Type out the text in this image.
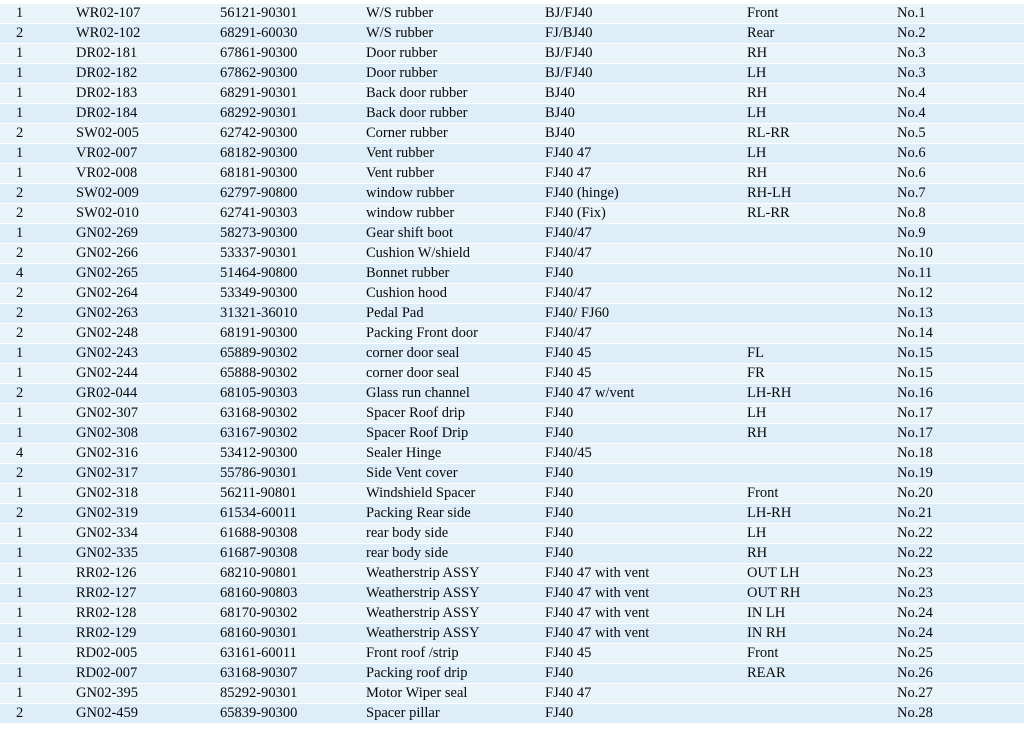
1	WR02-107	56121-90301	W/S rubber	BJ/FJ40	Front	No.1
2	WR02-102	68291-60030	W/S rubber	FJ/BJ40	Rear	No.2
1	DR02-181	67861-90300	Door rubber	BJ/FJ40	RH	No.3
1	DR02-182	67862-90300	Door rubber	BJ/FJ40	LH	No.3
1	DR02-183	68291-90301	Back door rubber	BJ40	RH	No.4
1	DR02-184	68292-90301	Back door rubber	BJ40	LH	No.4
2	SW02-005	62742-90300	Corner rubber	BJ40	RL-RR	No.5
1	VR02-007	68182-90300	Vent rubber	FJ40 47	LH	No.6
1	VR02-008	68181-90300	Vent rubber	FJ40 47	RH	No.6
2	SW02-009	62797-90800	window rubber	FJ40 (hinge)	RH-LH	No.7
2	SW02-010	62741-90303	window rubber	FJ40 (Fix)	RL-RR	No.8
1	GN02-269	58273-90300	Gear shift boot	FJ40/47		No.9
2	GN02-266	53337-90301	Cushion W/shield	FJ40/47		No.10
4	GN02-265	51464-90800	Bonnet rubber	FJ40		No.11
2	GN02-264	53349-90300	Cushion hood	FJ40/47		No.12
2	GN02-263	31321-36010	Pedal Pad	FJ40/ FJ60		No.13
2	GN02-248	68191-90300	Packing Front door	FJ40/47		No.14
1	GN02-243	65889-90302	corner door seal	FJ40 45	FL	No.15
1	GN02-244	65888-90302	corner door seal	FJ40 45	FR	No.15
2	GR02-044	68105-90303	Glass run channel	FJ40 47 w/vent	LH-RH	No.16
1	GN02-307	63168-90302	Spacer Roof drip	FJ40	LH	No.17
1	GN02-308	63167-90302	Spacer Roof Drip	FJ40	RH	No.17
4	GN02-316	53412-90300	Sealer Hinge	FJ40/45		No.18
2	GN02-317	55786-90301	Side Vent cover	FJ40		No.19
1	GN02-318	56211-90801	Windshield Spacer	FJ40	Front	No.20
2	GN02-319	61534-60011	Packing Rear side	FJ40	LH-RH	No.21
1	GN02-334	61688-90308	rear body side	FJ40	LH	No.22
1	GN02-335	61687-90308	rear body side	FJ40	RH	No.22
1	RR02-126	68210-90801	Weatherstrip ASSY	FJ40 47 with vent	OUT LH	No.23
1	RR02-127	68160-90803	Weatherstrip ASSY	FJ40 47 with vent	OUT RH	No.23
1	RR02-128	68170-90302	Weatherstrip ASSY	FJ40 47 with vent	IN LH	No.24
1	RR02-129	68160-90301	Weatherstrip ASSY	FJ40 47 with vent	IN RH	No.24
1	RD02-005	63161-60011	Front roof /strip	FJ40 45	Front	No.25
1	RD02-007	63168-90307	Packing roof drip	FJ40	REAR	No.26
1	GN02-395	85292-90301	Motor Wiper seal	FJ40 47		No.27
2	GN02-459	65839-90300	Spacer pillar	FJ40		No.28
